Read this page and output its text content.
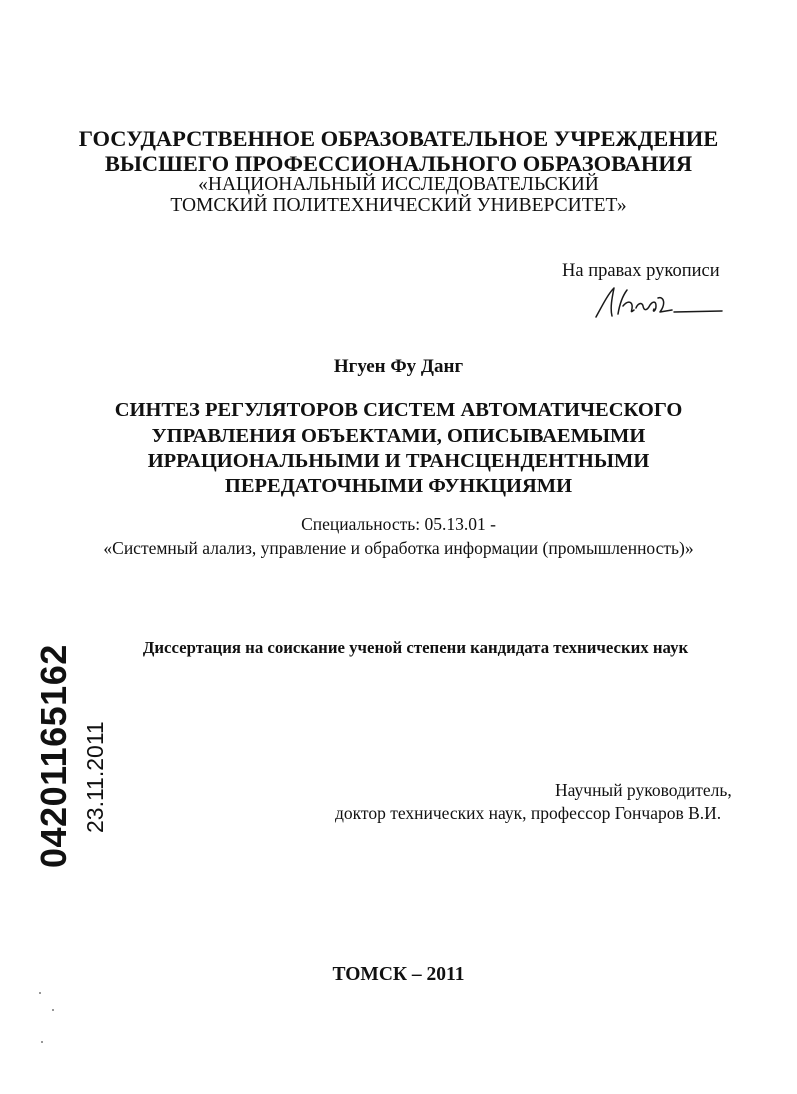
ГОСУДАРСТВЕННОЕ ОБРАЗОВАТЕЛЬНОЕ УЧРЕЖДЕНИЕ
ВЫСШЕГО ПРОФЕССИОНАЛЬНОГО ОБРАЗОВАНИЯ
«НАЦИОНАЛЬНЫЙ ИССЛЕДОВАТЕЛЬСКИЙ
ТОМСКИЙ ПОЛИТЕХНИЧЕСКИЙ УНИВЕРСИТЕТ»
На правах рукописи
Нгуен Фу Данг
СИНТЕЗ РЕГУЛЯТОРОВ СИСТЕМ АВТОМАТИЧЕСКОГО
УПРАВЛЕНИЯ ОБЪЕКТАМИ, ОПИСЫВАЕМЫМИ
ИРРАЦИОНАЛЬНЫМИ И ТРАНСЦЕНДЕНТНЫМИ
ПЕРЕДАТОЧНЫМИ ФУНКЦИЯМИ
Специальность: 05.13.01 -
«Системный алализ, управление и обработка информации (промышленность)»
Диссертация на соискание ученой степени кандидата технических наук
Научный руководитель,
доктор технических наук, профессор Гончаров В.И.
ТОМСК – 2011
04201165162 23.11.2011
